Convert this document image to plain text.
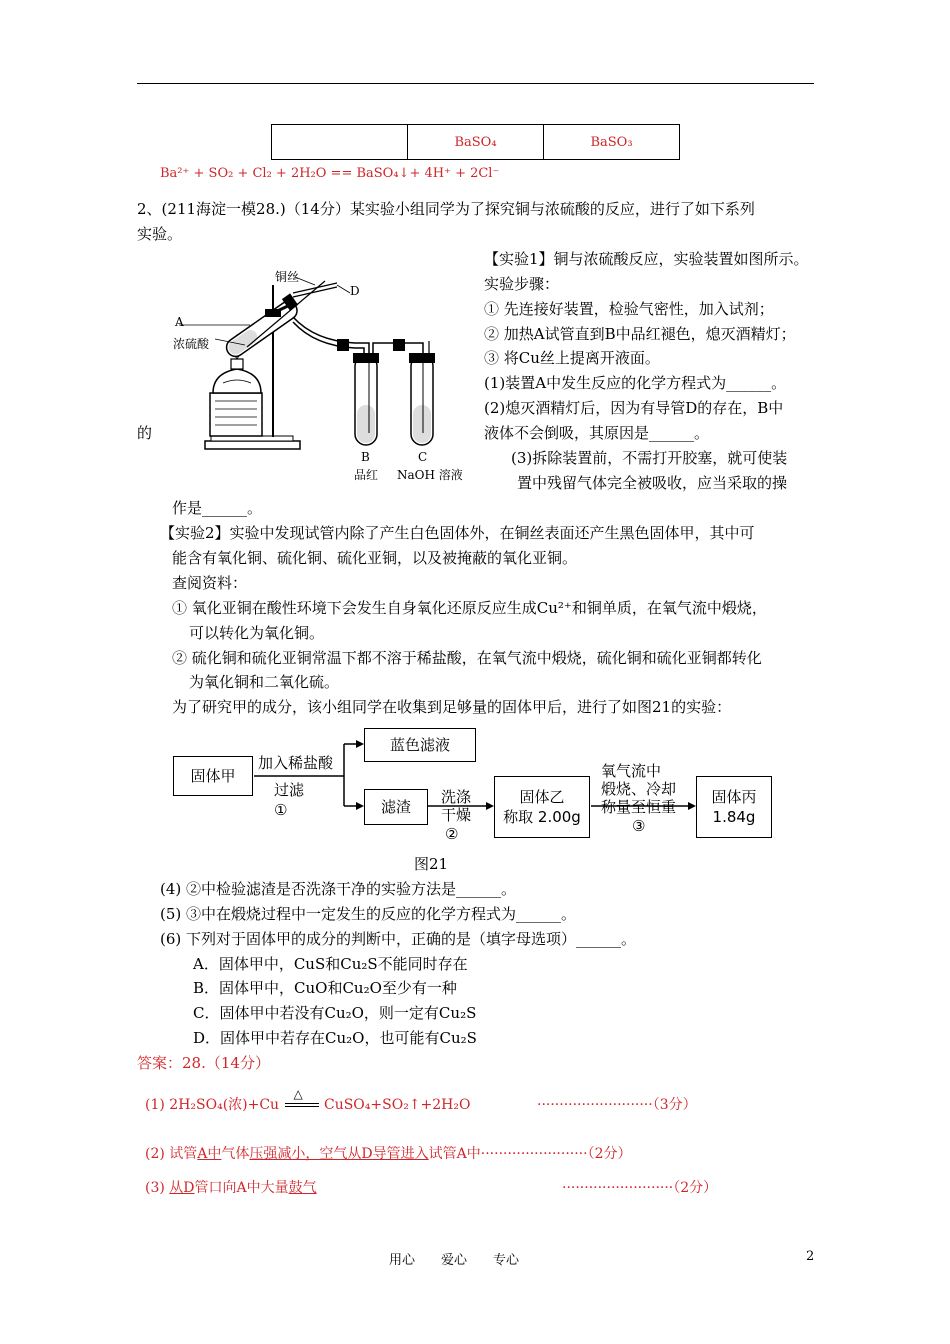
	BaSO₄	BaSO₃
Ba²⁺ + SO₂ + Cl₂ + 2H₂O == BaSO₄↓+ 4H⁺ + 2Cl⁻
2、(211海淀一模28.)（14分）某实验小组同学为了探究铜与浓硫酸的反应，进行了如下系列
实验。
铜丝
D
A
浓硫酸
B	C
品红 NaOH 溶液
的
【实验1】铜与浓硫酸反应，实验装置如图所示。
实验步骤：
① 先连接好装置，检验气密性，加入试剂；
② 加热A试管直到B中品红褪色，熄灭酒精灯；
③ 将Cu丝上提离开液面。
(1)装置A中发生反应的化学方程式为______。
(2)熄灭酒精灯后，因为有导管D的存在，B中
液体不会倒吸，其原因是______。
(3)拆除装置前，不需打开胶塞，就可使装
置中残留气体完全被吸收，应当采取的操
作是______。
【实验2】实验中发现试管内除了产生白色固体外，在铜丝表面还产生黑色固体甲，其中可
能含有氧化铜、硫化铜、硫化亚铜，以及被掩蔽的氧化亚铜。
查阅资料：
① 氧化亚铜在酸性环境下会发生自身氧化还原反应生成Cu²⁺和铜单质，在氧气流中煅烧，
可以转化为氧化铜。
② 硫化铜和硫化亚铜常温下都不溶于稀盐酸，在氧气流中煅烧，硫化铜和硫化亚铜都转化
为氧化铜和二氧化硫。
为了研究甲的成分，该小组同学在收集到足够量的固体甲后，进行了如图21的实验：
固体甲
蓝色滤液
滤渣
固体乙
称取 2.00g
固体丙
1.84g
加入稀盐酸
过滤
①
洗涤
干燥
②
氧气流中
煅烧、冷却
称量至恒重
③
图21
(4) ②中检验滤渣是否洗涤干净的实验方法是______。
(5) ③中在煅烧过程中一定发生的反应的化学方程式为______。
(6) 下列对于固体甲的成分的判断中，正确的是（填字母选项）______。
A．固体甲中，CuS和Cu₂S不能同时存在
B．固体甲中，CuO和Cu₂O至少有一种
C．固体甲中若没有Cu₂O，则一定有Cu₂S
D．固体甲中若存在Cu₂O，也可能有Cu₂S
答案：28.（14分）
(1) 2H₂SO₄(浓)+Cu
△
CuSO₄+SO₂↑+2H₂O	··························（3分）
(2) 试管A中气体压强减小，空气从D导管进入试管A中························（2分）
(3) 从D管口向A中大量鼓气	·························（2分）
用心　　爱心　　专心	2
